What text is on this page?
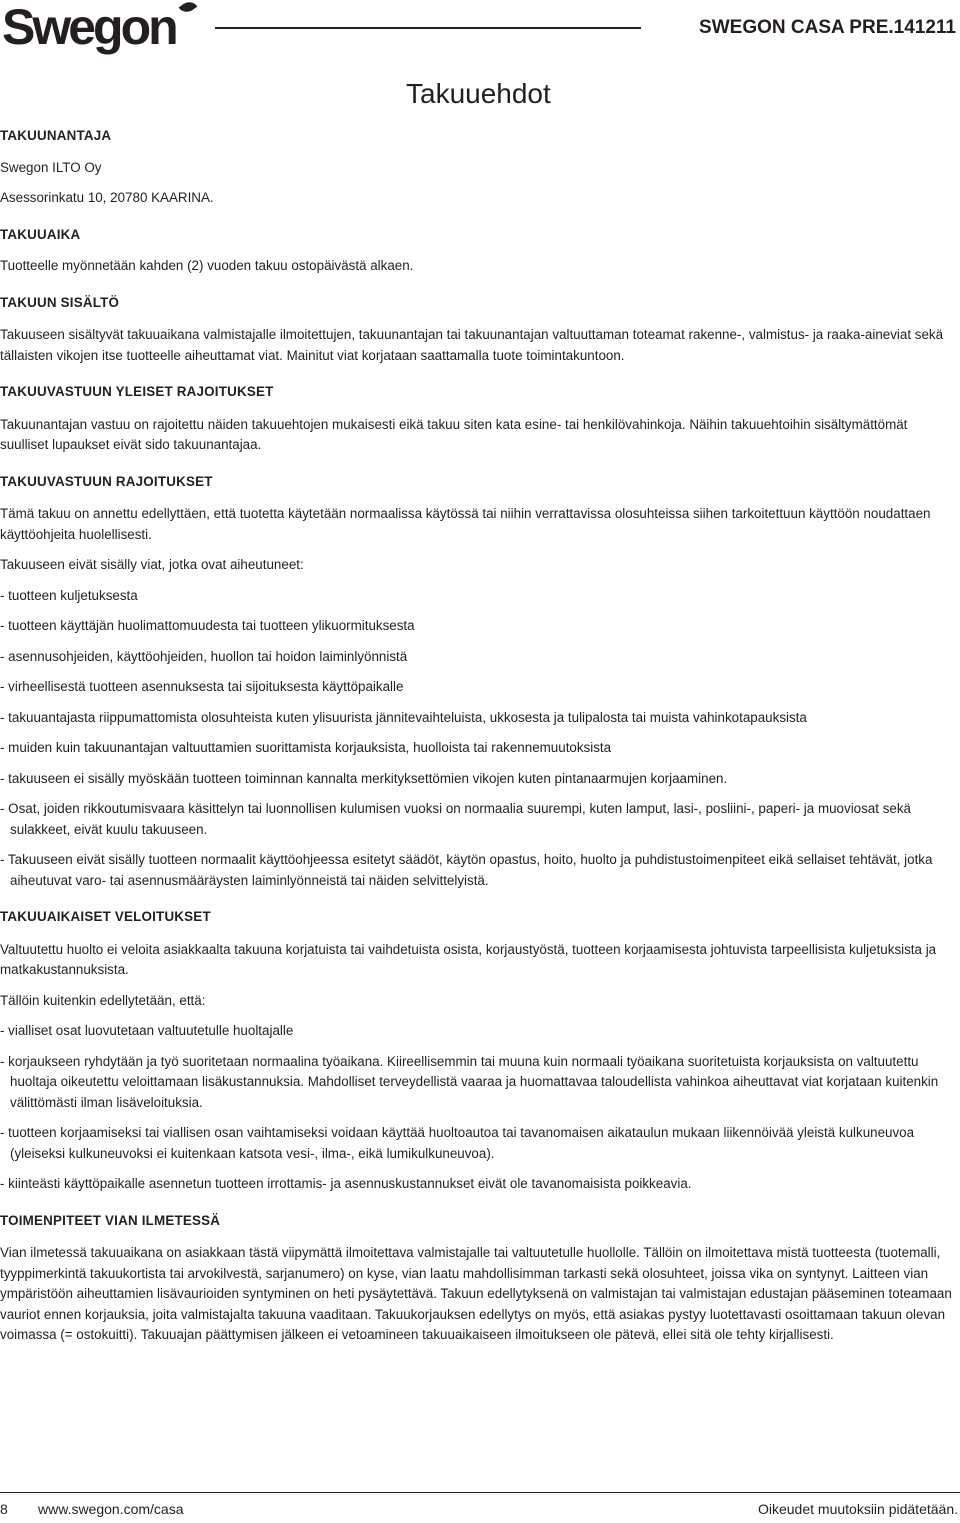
Swegon	SWEGON CASA PRE.141211
Takuuehdot

TAKUUNANTAJA

Swegon ILTO Oy

Asessorinkatu 10, 20780 KAARINA.

TAKUUAIKA

Tuotteelle myönnetään kahden (2) vuoden takuu ostopäivästä alkaen.

TAKUUN SISÄLTÖ

Takuuseen sisältyvät takuuaikana valmistajalle ilmoitettujen, takuunantajan tai takuunantajan valtuuttaman toteamat rakenne-, valmistus- ja raaka-aineviat sekä tällaisten vikojen itse tuotteelle aiheuttamat viat. Mainitut viat korjataan saattamalla tuote toimintakuntoon.

TAKUUVASTUUN YLEISET RAJOITUKSET

Takuunantajan vastuu on rajoitettu näiden takuuehtojen mukaisesti eikä takuu siten kata esine- tai henkilövahinkoja. Näihin takuuehtoihin sisältymättömät suulliset lupaukset eivät sido takuunantajaa.

TAKUUVASTUUN RAJOITUKSET

Tämä takuu on annettu edellyttäen, että tuotetta käytetään normaalissa käytössä tai niihin verrattavissa olosuhteissa siihen tarkoitettuun käyttöön noudattaen käyttöohjeita huolellisesti.

Takuuseen eivät sisälly viat, jotka ovat aiheutuneet:

- tuotteen kuljetuksesta

- tuotteen käyttäjän huolimattomuudesta tai tuotteen ylikuormituksesta

- asennusohjeiden, käyttöohjeiden, huollon tai hoidon laiminlyönnistä

- virheellisestä tuotteen asennuksesta tai sijoituksesta käyttöpaikalle

- takuuantajasta riippumattomista olosuhteista kuten ylisuurista jännitevaihteluista, ukkosesta ja tulipalosta tai muista vahinkotapauksista

- muiden kuin takuunantajan valtuuttamien suorittamista korjauksista, huolloista tai rakennemuutoksista

- takuuseen ei sisälly myöskään tuotteen toiminnan kannalta merkityksettömien vikojen kuten pintanaarmujen korjaaminen.

- Osat, joiden rikkoutumisvaara käsittelyn tai luonnollisen kulumisen vuoksi on normaalia suurempi, kuten lamput, lasi-, posliini-, paperi- ja muoviosat sekä sulakkeet, eivät kuulu takuuseen.

- Takuuseen eivät sisälly tuotteen normaalit käyttöohjeessa esitetyt säädöt, käytön opastus, hoito, huolto ja puhdistustoimenpiteet eikä sellaiset tehtävät, jotka aiheutuvat varo- tai asennusmääräysten laiminlyönneistä tai näiden selvittelyistä.

TAKUUAIKAISET VELOITUKSET

Valtuutettu huolto ei veloita asiakkaalta takuuna korjatuista tai vaihdetuista osista, korjaustyöstä, tuotteen korjaamisesta johtuvista tarpeellisista kuljetuksista ja matkakustannuksista.

Tällöin kuitenkin edellytetään, että:

- vialliset osat luovutetaan valtuutetulle huoltajalle

- korjaukseen ryhdytään ja työ suoritetaan normaalina työaikana. Kiireellisemmin tai muuna kuin normaali työaikana suoritetuista korjauksista on valtuutettu huoltaja oikeutettu veloittamaan lisäkustannuksia. Mahdolliset terveydellistä vaaraa ja huomattavaa taloudellista vahinkoa aiheuttavat viat korjataan kuitenkin välittömästi ilman lisäveloituksia.

- tuotteen korjaamiseksi tai viallisen osan vaihtamiseksi voidaan käyttää huoltoautoa tai tavanomaisen aikataulun mukaan liikennöivää yleistä kulkuneuvoa (yleiseksi kulkuneuvoksi ei kuitenkaan katsota vesi-, ilma-, eikä lumikulkuneuvoa).

- kiinteästi käyttöpaikalle asennetun tuotteen irrottamis- ja asennuskustannukset eivät ole tavanomaisista poikkeavia.

TOIMENPITEET VIAN ILMETESSÄ

Vian ilmetessä takuuaikana on asiakkaan tästä viipymättä ilmoitettava valmistajalle tai valtuutetulle huollolle. Tällöin on ilmoitettava mistä tuotteesta (tuotemalli, tyyppimerkintä takuukortista tai arvokilvestä, sarjanumero) on kyse, vian laatu mahdollisimman tarkasti sekä olosuhteet, joissa vika on syntynyt. Laitteen vian ympäristöön aiheuttamien lisävaurioiden syntyminen on heti pysäytettävä. Takuun edellytyksenä on valmistajan tai valmistajan edustajan pääseminen toteamaan vauriot ennen korjauksia, joita valmistajalta takuuna vaaditaan. Takuukorjauksen edellytys on myös, että asiakas pystyy luotettavasti osoittamaan takuun olevan voimassa (= ostokuitti). Takuuajan päättymisen jälkeen ei vetoamineen takuuaikaiseen ilmoitukseen ole pätevä, ellei sitä ole tehty kirjallisesti.

8 www.swegon.com/casa	Oikeudet muutoksiin pidätetään.
